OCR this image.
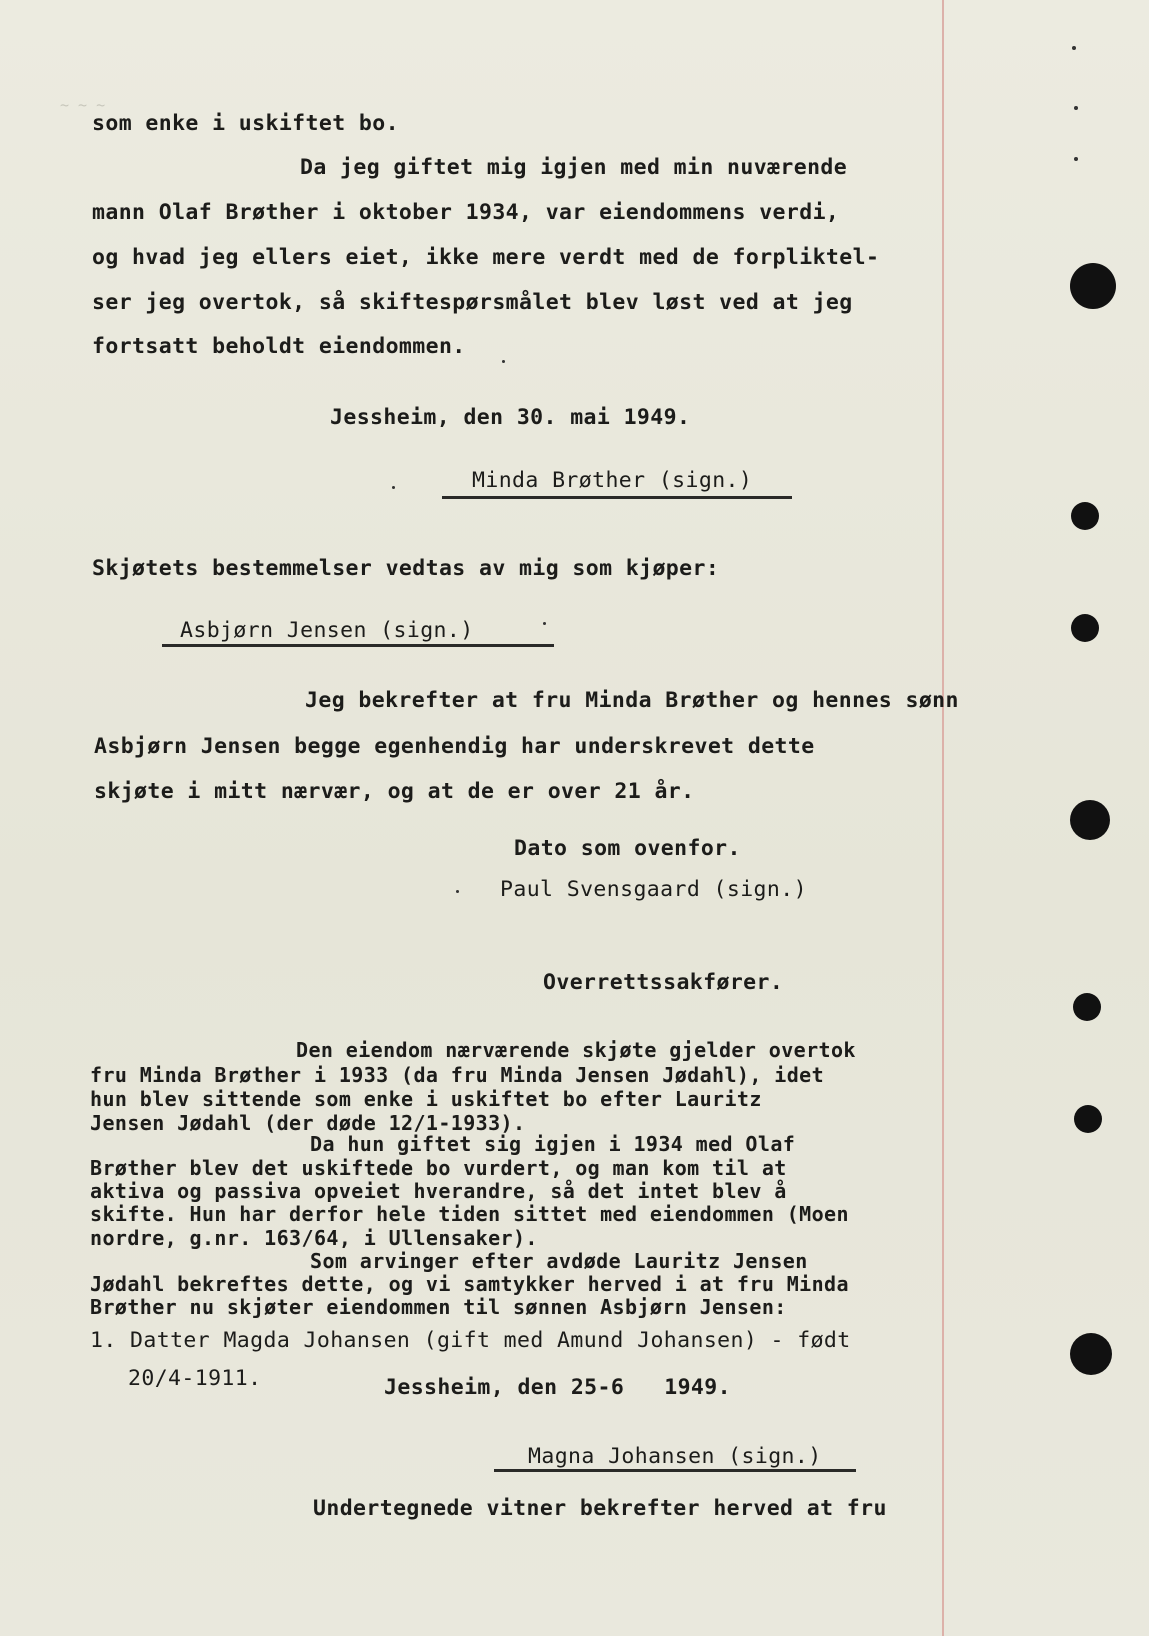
~ ~ ~
som enke i uskiftet bo.
Da jeg giftet mig igjen med min nuværende
mann Olaf Brøther i oktober 1934, var eiendommens verdi,
og hvad jeg ellers eiet, ikke mere verdt med de forpliktel-
ser jeg overtok, så skiftespørsmålet blev løst ved at jeg
fortsatt beholdt eiendommen.
Jessheim, den 30. mai 1949.
Minda Brøther (sign.)
Skjøtets bestemmelser vedtas av mig som kjøper:
Asbjørn Jensen (sign.)
Jeg bekrefter at fru Minda Brøther og hennes sønn
Asbjørn Jensen begge egenhendig har underskrevet dette
skjøte i mitt nærvær, og at de er over 21 år.
Dato som ovenfor.
Paul Svensgaard (sign.)
Overrettssakfører.
Den eiendom nærværende skjøte gjelder overtok
fru Minda Brøther i 1933 (da fru Minda Jensen Jødahl), idet
hun blev sittende som enke i uskiftet bo efter Lauritz
Jensen Jødahl (der døde 12/1-1933).
Da hun giftet sig igjen i 1934 med Olaf
Brøther blev det uskiftede bo vurdert, og man kom til at
aktiva og passiva opveiet hverandre, så det intet blev å
skifte. Hun har derfor hele tiden sittet med eiendommen (Moen
nordre, g.nr. 163/64, i Ullensaker).
Som arvinger efter avdøde Lauritz Jensen
Jødahl bekreftes dette, og vi samtykker herved i at fru Minda
Brøther nu skjøter eiendommen til sønnen Asbjørn Jensen:
1. Datter Magda Johansen (gift med Amund Johansen) - født
20/4-1911.	Jessheim, den 25-6   1949.
Magna Johansen (sign.)
Undertegnede vitner bekrefter herved at fru
